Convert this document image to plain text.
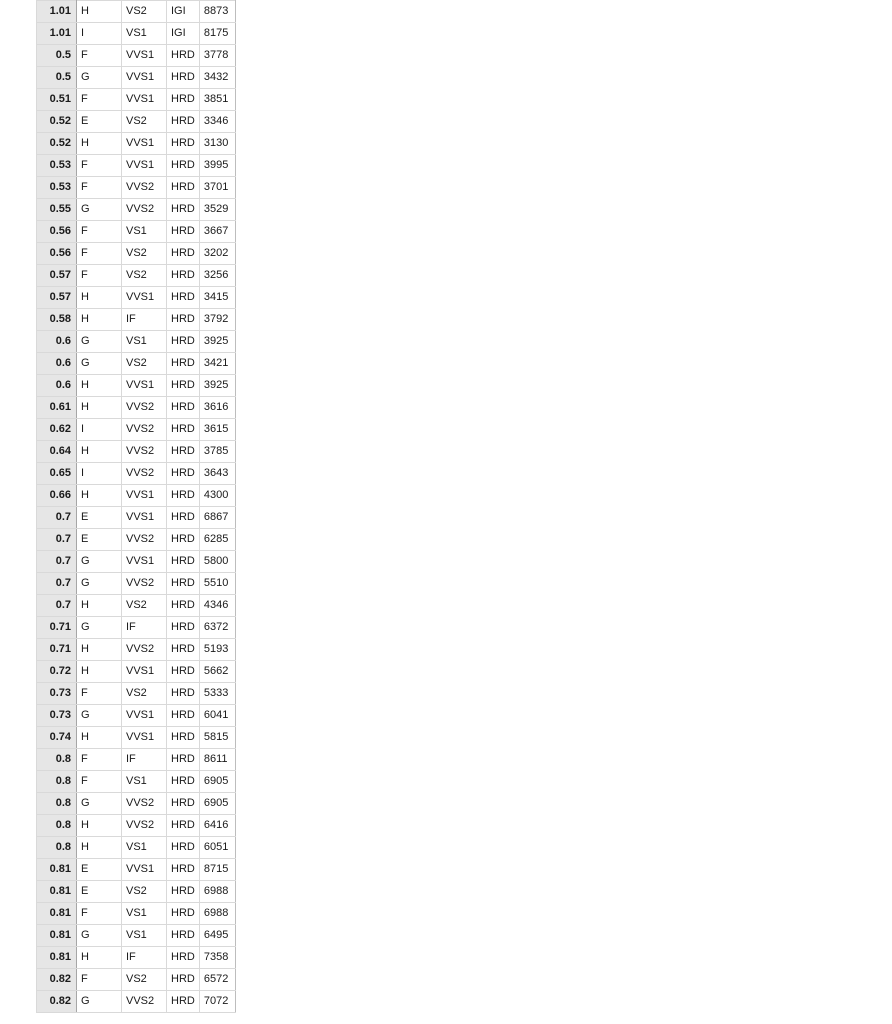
1.01	H	VS2	IGI	8873
1.01	I	VS1	IGI	8175
0.5	F	VVS1	HRD	3778
0.5	G	VVS1	HRD	3432
0.51	F	VVS1	HRD	3851
0.52	E	VS2	HRD	3346
0.52	H	VVS1	HRD	3130
0.53	F	VVS1	HRD	3995
0.53	F	VVS2	HRD	3701
0.55	G	VVS2	HRD	3529
0.56	F	VS1	HRD	3667
0.56	F	VS2	HRD	3202
0.57	F	VS2	HRD	3256
0.57	H	VVS1	HRD	3415
0.58	H	IF	HRD	3792
0.6	G	VS1	HRD	3925
0.6	G	VS2	HRD	3421
0.6	H	VVS1	HRD	3925
0.61	H	VVS2	HRD	3616
0.62	I	VVS2	HRD	3615
0.64	H	VVS2	HRD	3785
0.65	I	VVS2	HRD	3643
0.66	H	VVS1	HRD	4300
0.7	E	VVS1	HRD	6867
0.7	E	VVS2	HRD	6285
0.7	G	VVS1	HRD	5800
0.7	G	VVS2	HRD	5510
0.7	H	VS2	HRD	4346
0.71	G	IF	HRD	6372
0.71	H	VVS2	HRD	5193
0.72	H	VVS1	HRD	5662
0.73	F	VS2	HRD	5333
0.73	G	VVS1	HRD	6041
0.74	H	VVS1	HRD	5815
0.8	F	IF	HRD	8611
0.8	F	VS1	HRD	6905
0.8	G	VVS2	HRD	6905
0.8	H	VVS2	HRD	6416
0.8	H	VS1	HRD	6051
0.81	E	VVS1	HRD	8715
0.81	E	VS2	HRD	6988
0.81	F	VS1	HRD	6988
0.81	G	VS1	HRD	6495
0.81	H	IF	HRD	7358
0.82	F	VS2	HRD	6572
0.82	G	VVS2	HRD	7072
